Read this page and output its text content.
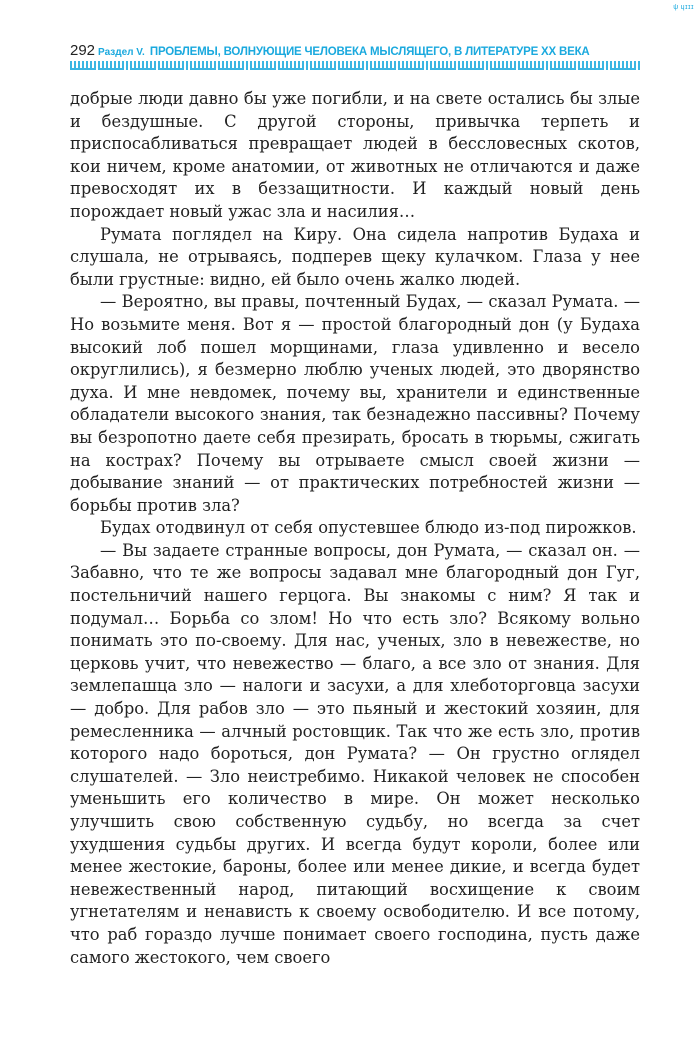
ψ ɥɪɪɪ
292 Раздел V. ПРОБЛЕМЫ, ВОЛНУЮЩИЕ ЧЕЛОВЕКА МЫСЛЯЩЕГО, В ЛИТЕРАТУРЕ ХХ ВЕКА

добрые люди давно бы уже погибли, и на свете остались бы злые и бездушные. С другой стороны, привычка терпеть и приспосабливаться превращает людей в бессловесных скотов, кои ничем, кроме анатомии, от животных не отличаются и даже превосходят их в беззащитности. И каждый новый день порождает новый ужас зла и насилия…

Румата поглядел на Киру. Она сидела напротив Будаха и слушала, не отрываясь, подперев щеку кулачком. Глаза у нее были грустные: видно, ей было очень жалко людей.

— Вероятно, вы правы, почтенный Будах, — сказал Румата. — Но возьмите меня. Вот я — простой благородный дон (у Будаха высокий лоб пошел морщинами, глаза удивленно и весело округлились), я безмерно люблю ученых людей, это дворянство духа. И мне невдомек, почему вы, хранители и единственные обладатели высокого знания, так безнадежно пассивны? Почему вы безропотно даете себя презирать, бросать в тюрьмы, сжигать на кострах? Почему вы отрываете смысл своей жизни — добывание знаний — от практических потребностей жизни — борьбы против зла?

Будах отодвинул от себя опустевшее блюдо из-под пирожков.

— Вы задаете странные вопросы, дон Румата, — сказал он. — Забавно, что те же вопросы задавал мне благородный дон Гуг, постельничий нашего герцога. Вы знакомы с ним? Я так и подумал… Борьба со злом! Но что есть зло? Всякому вольно понимать это по-своему. Для нас, ученых, зло в невежестве, но церковь учит, что невежество — благо, а все зло от знания. Для землепашца зло — налоги и засухи, а для хлеботорговца засухи — добро. Для рабов зло — это пьяный и жестокий хозяин, для ремесленника — алчный ростовщик. Так что же есть зло, против которого надо бороться, дон Румата? — Он грустно оглядел слушателей. — Зло неистребимо. Никакой человек не способен уменьшить его количество в мире. Он может несколько улучшить свою собственную судьбу, но всегда за счет ухудшения судьбы других. И всегда будут короли, более или менее жестокие, бароны, более или менее дикие, и всегда будет невежественный народ, питающий восхищение к своим угнетателям и ненависть к своему освободителю. И все потому, что раб гораздо лучше понимает своего господина, пусть даже самого жестокого, чем своего
